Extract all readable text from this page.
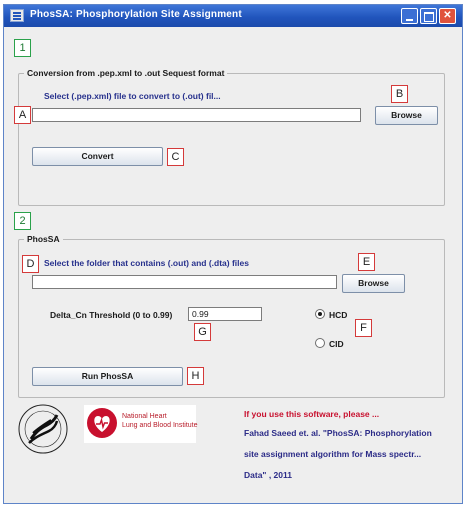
PhosSA: Phosphorylation Site Assignment	✕
1
Conversion from .pep.xml to .out Sequest format
Select (.pep.xml) file to convert to (.out) fil...	B
A	Browse
Convert	C
2
PhosSA
D	Select the folder that contains (.out) and (.dta) files	E
Browse
Delta_Cn Threshold (0 to 0.99)	0.99
G
HCD
F
CID
Run PhosSA	H
National Heart
Lung and Blood Institute
If you use this software, please ...
Fahad Saeed et. al. "PhosSA: Phosphorylation
site assignment algorithm for Mass spectr...
Data" , 2011
